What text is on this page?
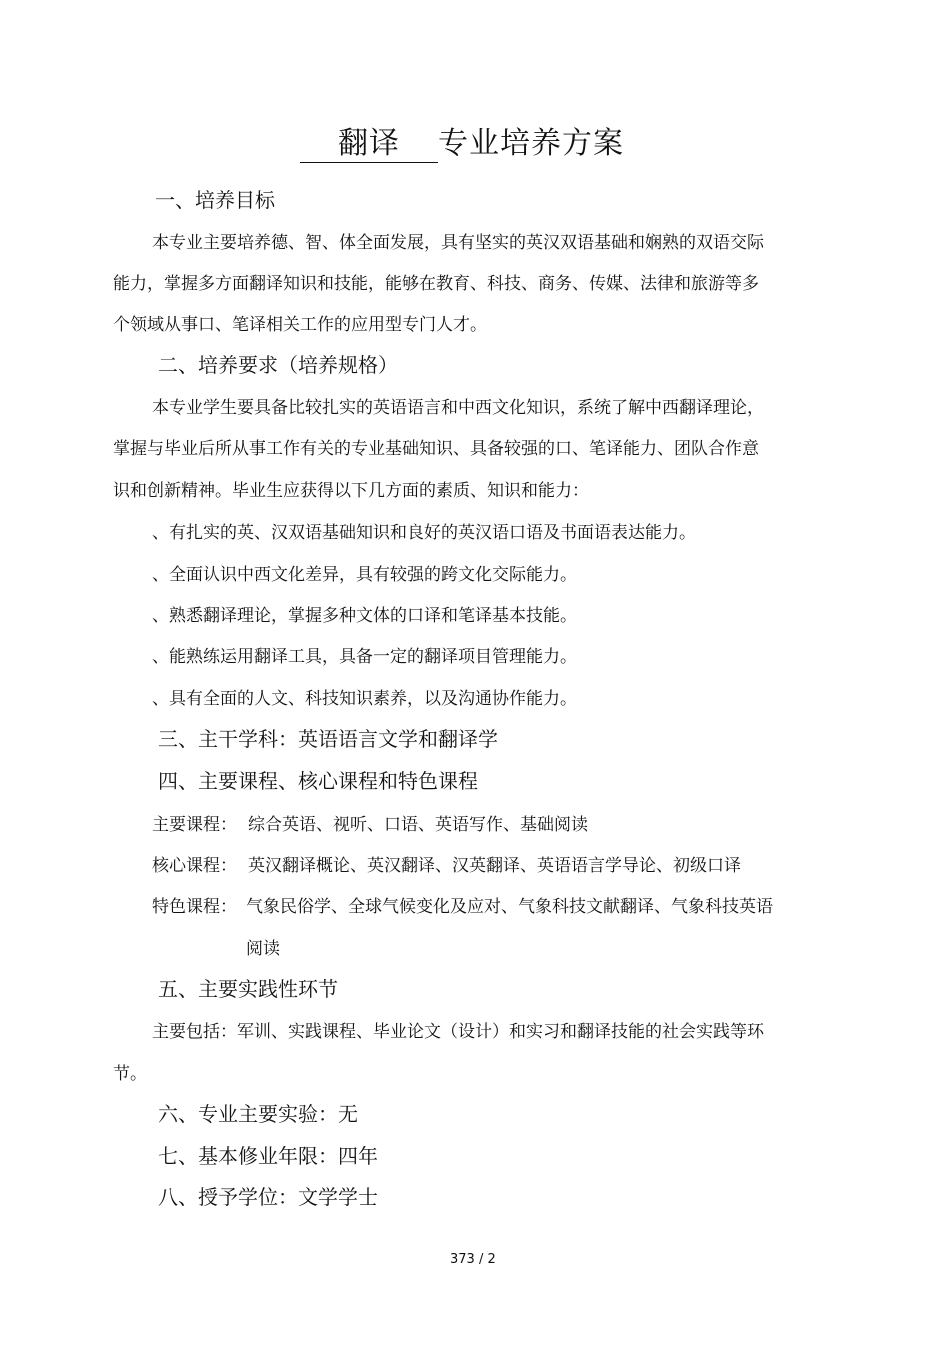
翻译 专业培养方案
一、培养目标
本专业主要培养德、智、体全面发展，具有坚实的英汉双语基础和娴熟的双语交际
能力，掌握多方面翻译知识和技能，能够在教育、科技、商务、传媒、法律和旅游等多
个领域从事口、笔译相关工作的应用型专门人才。
二、培养要求（培养规格）
本专业学生要具备比较扎实的英语语言和中西文化知识，系统了解中西翻译理论，
掌握与毕业后所从事工作有关的专业基础知识、具备较强的口、笔译能力、团队合作意
识和创新精神。毕业生应获得以下几方面的素质、知识和能力：
、有扎实的英、汉双语基础知识和良好的英汉语口语及书面语表达能力。
、全面认识中西文化差异，具有较强的跨文化交际能力。
、熟悉翻译理论，掌握多种文体的口译和笔译基本技能。
、能熟练运用翻译工具，具备一定的翻译项目管理能力。
、具有全面的人文、科技知识素养，以及沟通协作能力。
三、主干学科：英语语言文学和翻译学
四、主要课程、核心课程和特色课程
主要课程： 综合英语、视听、口语、英语写作、基础阅读
核心课程： 英汉翻译概论、英汉翻译、汉英翻译、英语语言学导论、初级口译
特色课程： 气象民俗学、全球气候变化及应对、气象科技文献翻译、气象科技英语
阅读
五、主要实践性环节
主要包括：军训、实践课程、毕业论文（设计）和实习和翻译技能的社会实践等环
节。
六、专业主要实验：无
七、基本修业年限：四年
八、授予学位：文学学士
373 / 2
